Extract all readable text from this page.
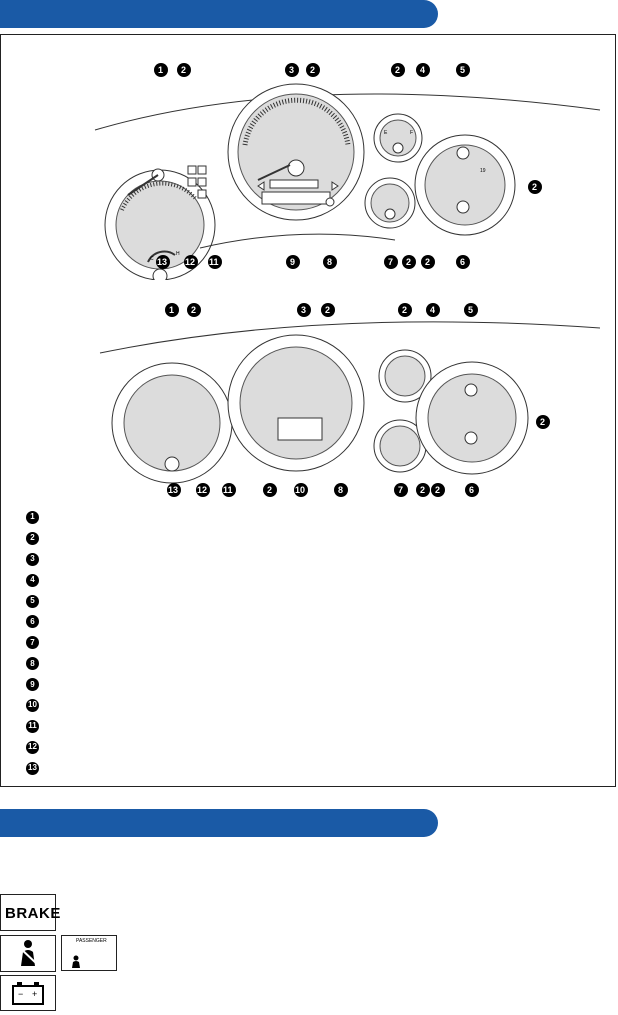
C
H
E	F
19
1 2	3 2	2 4	5
2
13 12 11	9	8	7 2 2	6
1 2	3 2	2	4	5
2
13 12 11	2	10	8	7 2 2	6
1
2
3
4
5
6
7
8
9
10
11
12
13
BRAKE
PASSENGER
− +
